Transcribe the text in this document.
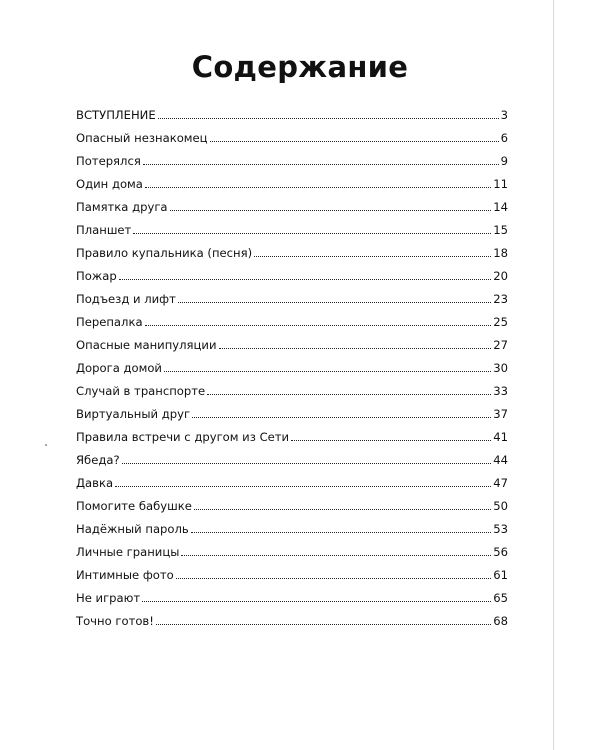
Содержание
ВСТУПЛЕНИЕ	3
Опасный незнакомец	6
Потерялся	9
Один дома	11
Памятка друга	14
Планшет	15
Правило купальника (песня)	18
Пожар	20
Подъезд и лифт	23
Перепалка	25
Опасные манипуляции	27
Дорога домой	30
Случай в транспорте	33
Виртуальный друг	37
Правила встречи с другом из Сети	41
Ябеда?	44
Давка	47
Помогите бабушке	50
Надёжный пароль	53
Личные границы	56
Интимные фото	61
Не играют	65
Точно готов!	68
